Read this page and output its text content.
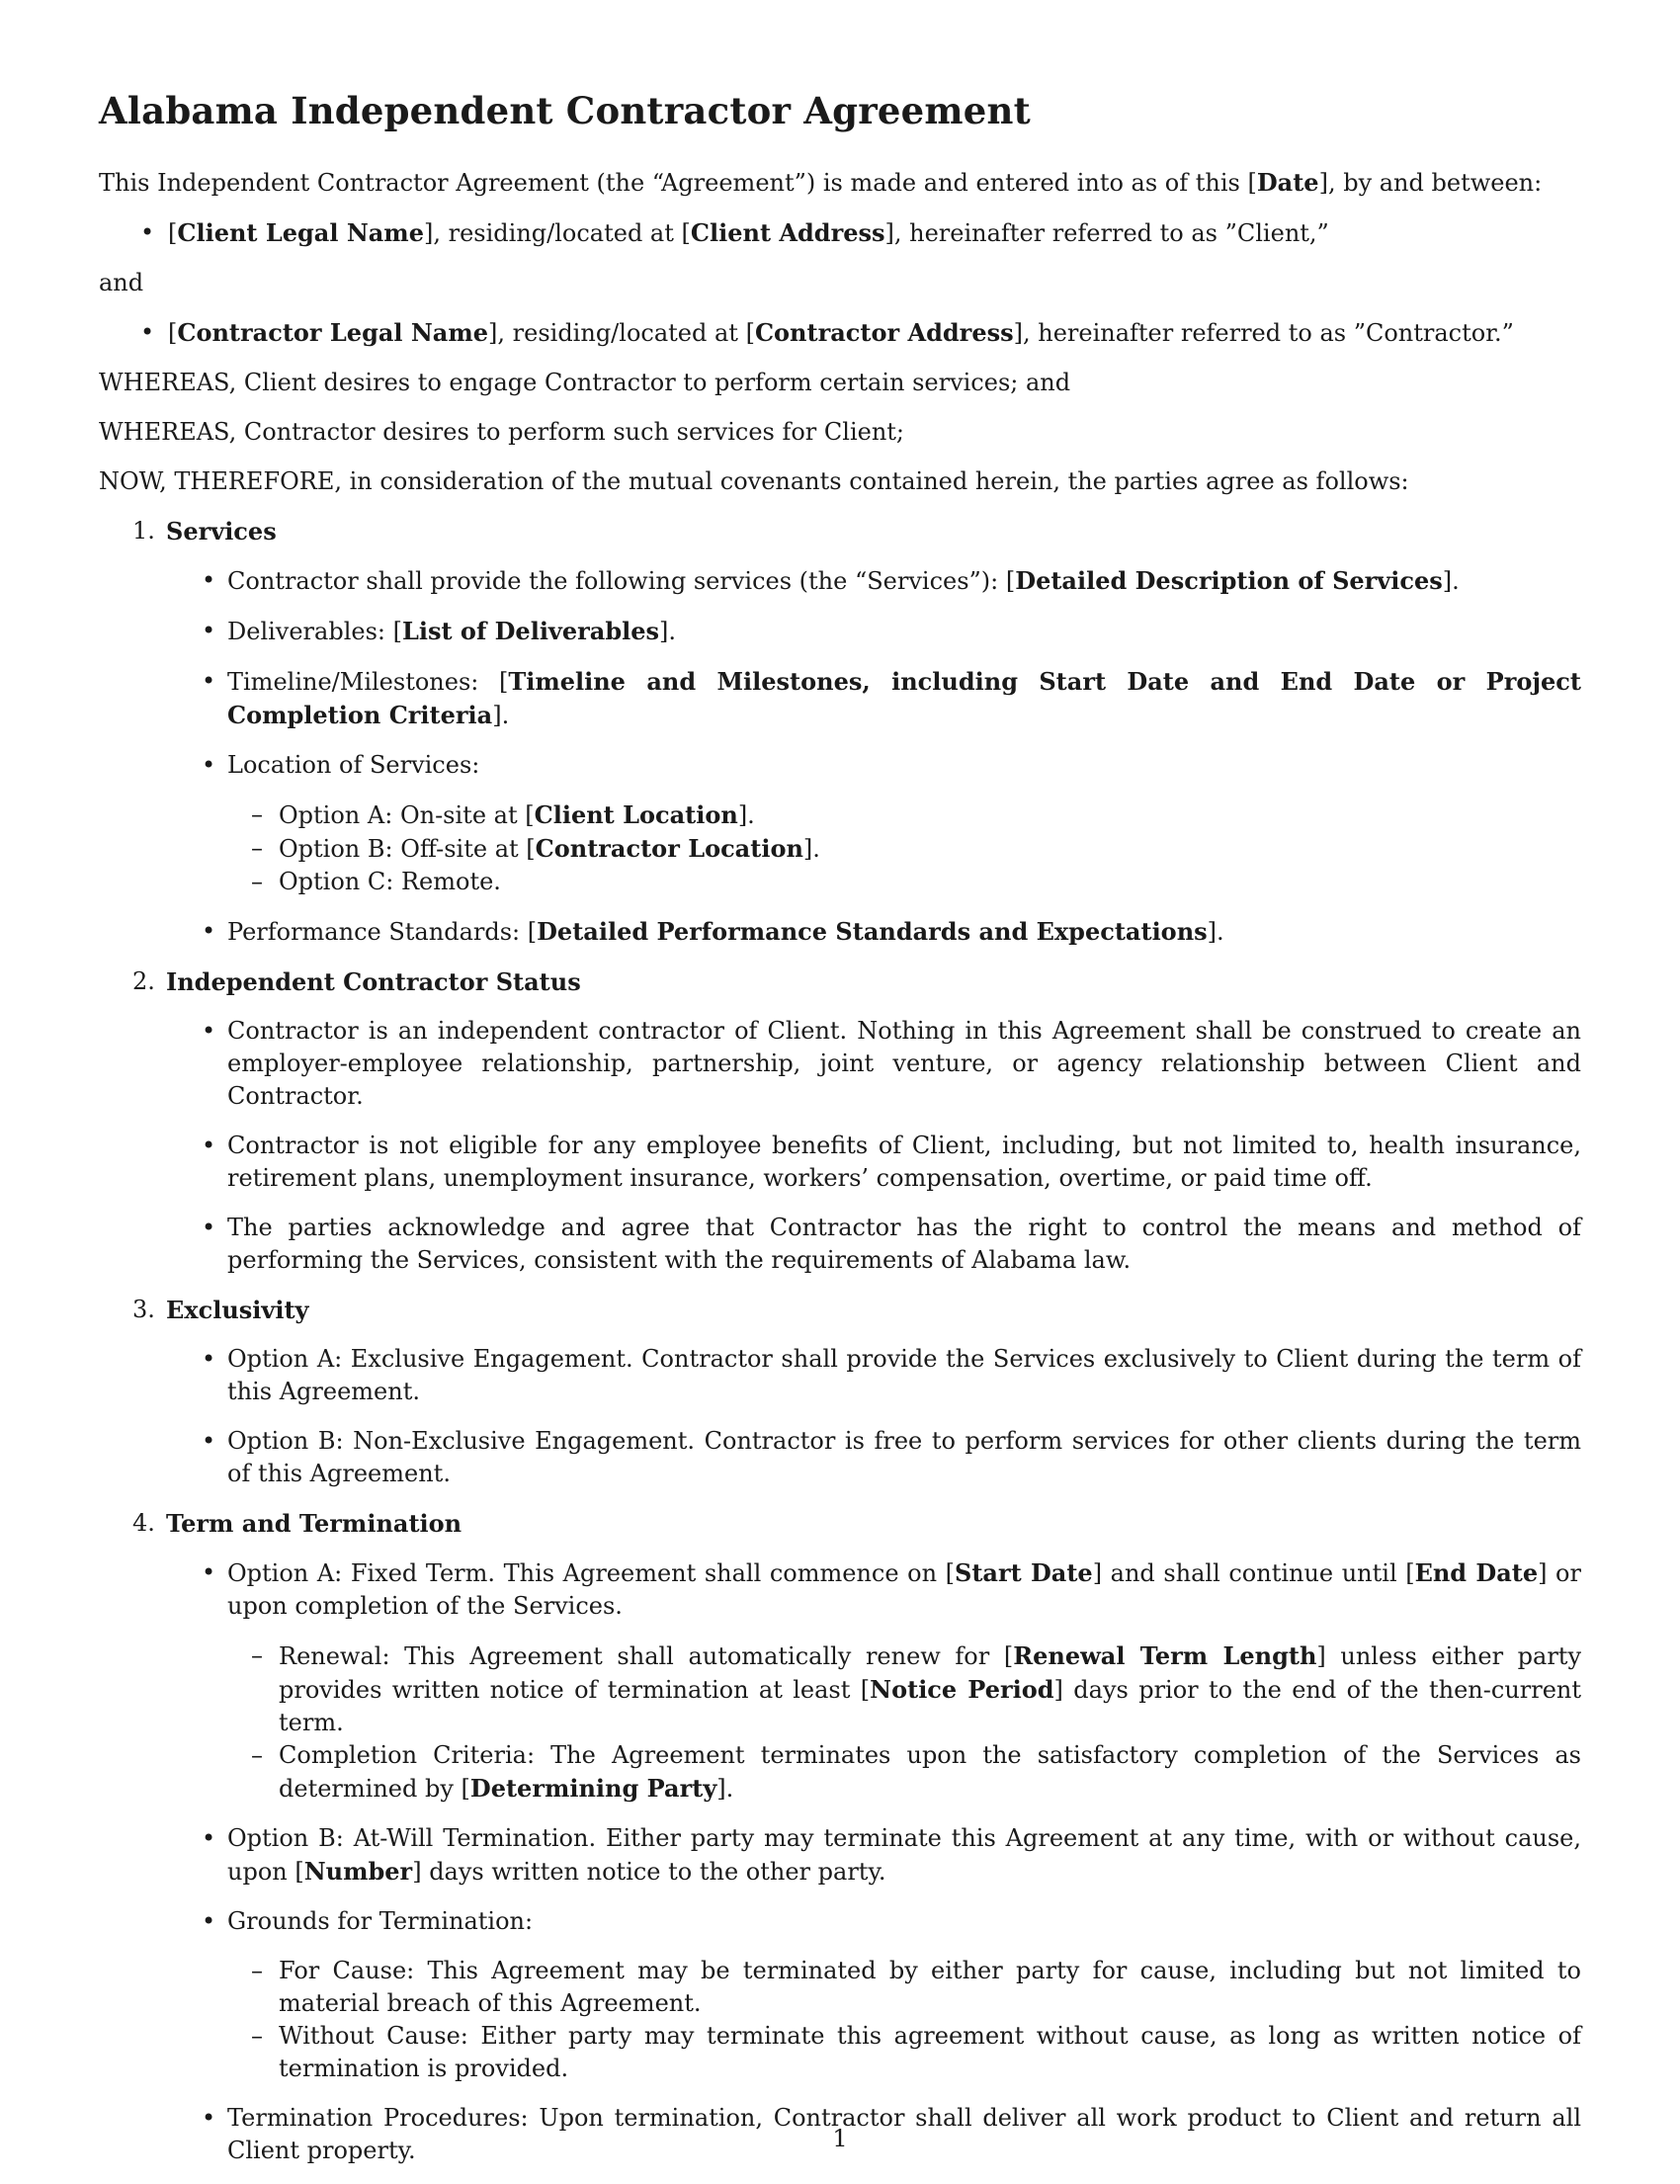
Alabama Independent Contractor Agreement

This Independent Contractor Agreement (the “Agreement”) is made and entered into as of this [Date], by and between:

• [Client Legal Name], residing/located at [Client Address], hereinafter referred to as ”Client,”

and

• [Contractor Legal Name], residing/located at [Contractor Address], hereinafter referred to as ”Contractor.”

WHEREAS, Client desires to engage Contractor to perform certain services; and

WHEREAS, Contractor desires to perform such services for Client;

NOW, THEREFORE, in consideration of the mutual covenants contained herein, the parties agree as follows:

1. Services
• Contractor shall provide the following services (the “Services”): [Detailed Description of Services].
• Deliverables: [List of Deliverables].
• Timeline/Milestones: [Timeline and Milestones, including Start Date and End Date or Project Completion Criteria].
• Location of Services:
– Option A: On-site at [Client Location].
– Option B: Off-site at [Contractor Location].
– Option C: Remote.
• Performance Standards: [Detailed Performance Standards and Expectations].
2. Independent Contractor Status
• Contractor is an independent contractor of Client. Nothing in this Agreement shall be construed to create an employer-employee relationship, partnership, joint venture, or agency relationship between Client and Contractor.
• Contractor is not eligible for any employee benefits of Client, including, but not limited to, health insurance, retirement plans, unemployment insurance, workers’ compensation, overtime, or paid time off.
• The parties acknowledge and agree that Contractor has the right to control the means and method of performing the Services, consistent with the requirements of Alabama law.
3. Exclusivity
• Option A: Exclusive Engagement. Contractor shall provide the Services exclusively to Client during the term of this Agreement.
• Option B: Non-Exclusive Engagement. Contractor is free to perform services for other clients during the term of this Agreement.
4. Term and Termination
• Option A: Fixed Term. This Agreement shall commence on [Start Date] and shall continue until [End Date] or upon completion of the Services.
– Renewal: This Agreement shall automatically renew for [Renewal Term Length] unless either party provides written notice of termination at least [Notice Period] days prior to the end of the then-current term.
– Completion Criteria: The Agreement terminates upon the satisfactory completion of the Services as determined by [Determining Party].
• Option B: At-Will Termination. Either party may terminate this Agreement at any time, with or without cause, upon [Number] days written notice to the other party.
• Grounds for Termination:
– For Cause: This Agreement may be terminated by either party for cause, including but not limited to material breach of this Agreement.
– Without Cause: Either party may terminate this agreement without cause, as long as written notice of termination is provided.
• Termination Procedures: Upon termination, Contractor shall deliver all work product to Client and return all Client property.	1
